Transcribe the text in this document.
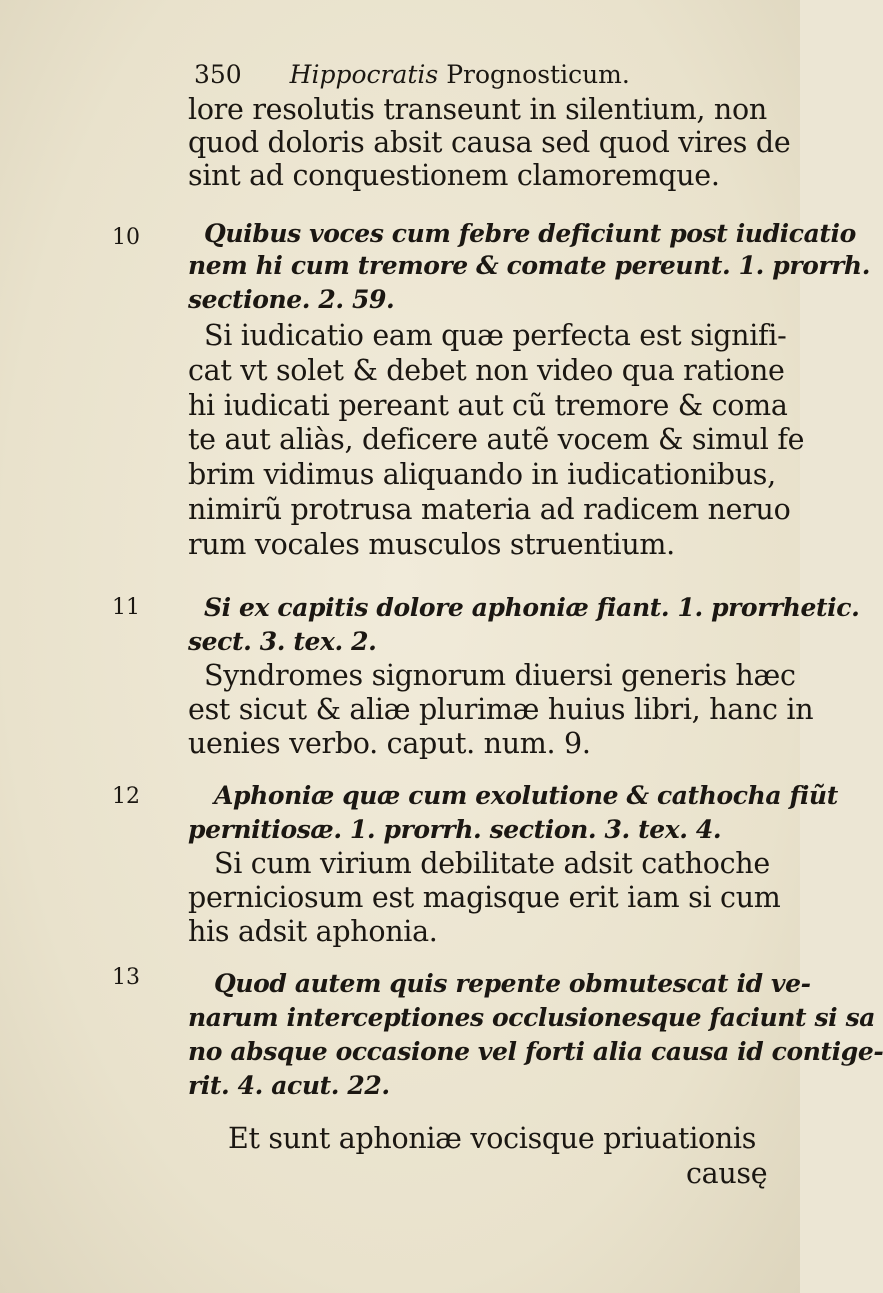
350 Hippocratis Prognosticum.
10
11
12
13
lore resolutis transeunt in silentium, non
quod doloris absit causa sed quod vires de
sint ad conquestionem clamoremque.
Quibus voces cum febre deficiunt post iudicatio
nem hi cum tremore & comate pereunt. 1. prorrh.
sectione. 2. 59.
Si iudicatio eam quæ perfecta est signifi-
cat vt solet & debet non video qua ratione
hi iudicati pereant aut cũ tremore & coma
te aut aliàs, deficere autẽ vocem & simul fe
brim vidimus aliquando in iudicationibus,
nimirũ protrusa materia ad radicem neruo
rum vocales musculos struentium.
Si ex capitis dolore aphoniæ fiant. 1. prorrhetic.
sect. 3. tex. 2.
Syndromes signorum diuersi generis hæc
est sicut & aliæ plurimæ huius libri, hanc in
uenies verbo. caput. num. 9.
Aphoniæ quæ cum exolutione & cathocha fiũt
pernitiosæ. 1. prorrh. section. 3. tex. 4.
Si cum virium debilitate adsit cathoche
perniciosum est magisque erit iam si cum
his adsit aphonia.
Quod autem quis repente obmutescat id ve-
narum interceptiones occlusionesque faciunt si sa
no absque occasione vel forti alia causa id contige-
rit. 4. acut. 22.
Et sunt aphoniæ vocisque priuationis
causę
